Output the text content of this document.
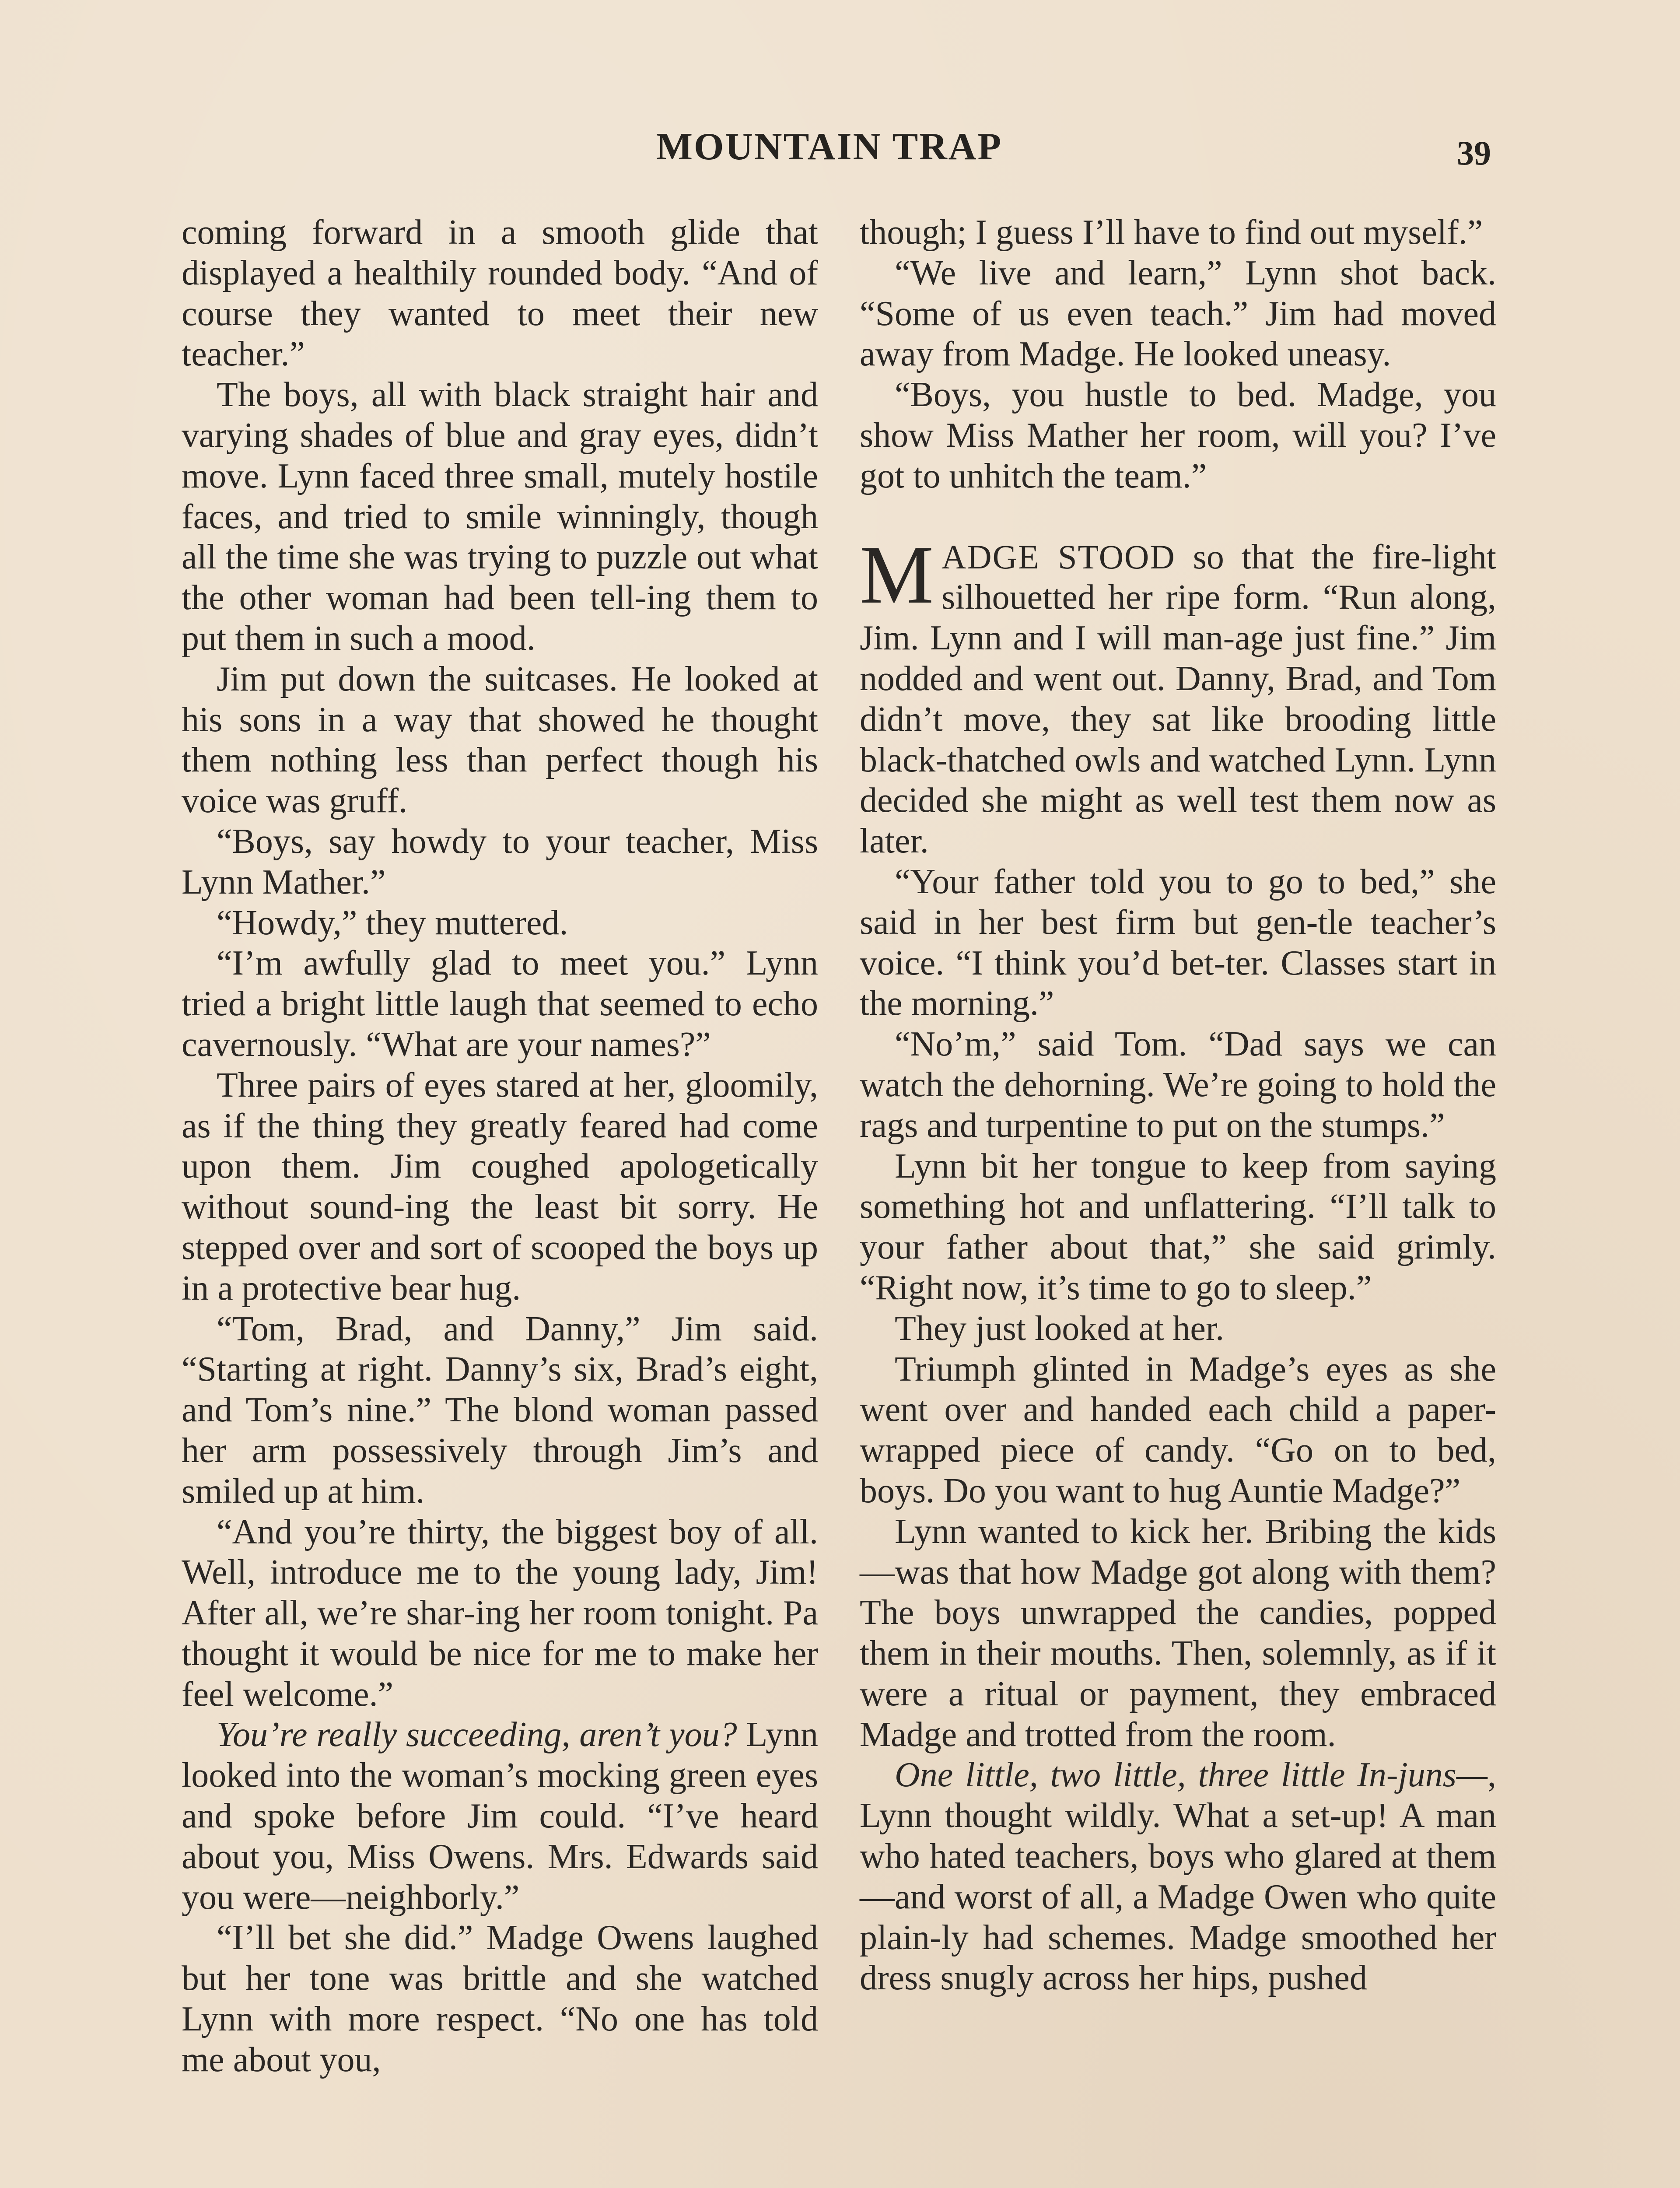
MOUNTAIN TRAP	39

coming forward in a smooth glide that displayed a healthily rounded body. “And of course they wanted to meet their new teacher.”

The boys, all with black straight hair and varying shades of blue and gray eyes, didn’t move. Lynn faced three small, mutely hostile faces, and tried to smile winningly, though all the time she was trying to puzzle out what the other woman had been tell-ing them to put them in such a mood.

Jim put down the suitcases. He looked at his sons in a way that showed he thought them nothing less than perfect though his voice was gruff.

“Boys, say howdy to your teacher, Miss Lynn Mather.”

“Howdy,” they muttered.

“I’m awfully glad to meet you.” Lynn tried a bright little laugh that seemed to echo cavernously. “What are your names?”

Three pairs of eyes stared at her, gloomily, as if the thing they greatly feared had come upon them. Jim coughed apologetically without sound-ing the least bit sorry. He stepped over and sort of scooped the boys up in a protective bear hug.

“Tom, Brad, and Danny,” Jim said. “Starting at right. Danny’s six, Brad’s eight, and Tom’s nine.” The blond woman passed her arm possessively through Jim’s and smiled up at him.

“And you’re thirty, the biggest boy of all. Well, introduce me to the young lady, Jim! After all, we’re shar-ing her room tonight. Pa thought it would be nice for me to make her feel welcome.”

You’re really succeeding, aren’t you? Lynn looked into the woman’s mocking green eyes and spoke before Jim could. “I’ve heard about you, Miss Owens. Mrs. Edwards said you were—neighborly.”

“I’ll bet she did.” Madge Owens laughed but her tone was brittle and she watched Lynn with more respect. “No one has told me about you,

though; I guess I’ll have to find out myself.”

“We live and learn,” Lynn shot back. “Some of us even teach.” Jim had moved away from Madge. He looked uneasy.

“Boys, you hustle to bed. Madge, you show Miss Mather her room, will you? I’ve got to unhitch the team.”

MADGE STOOD so that the fire-light silhouetted her ripe form. “Run along, Jim. Lynn and I will man-age just fine.” Jim nodded and went out. Danny, Brad, and Tom didn’t move, they sat like brooding little black-thatched owls and watched Lynn. Lynn decided she might as well test them now as later.

“Your father told you to go to bed,” she said in her best firm but gen-tle teacher’s voice. “I think you’d bet-ter. Classes start in the morning.”

“No’m,” said Tom. “Dad says we can watch the dehorning. We’re going to hold the rags and turpentine to put on the stumps.”

Lynn bit her tongue to keep from saying something hot and unflattering. “I’ll talk to your father about that,” she said grimly. “Right now, it’s time to go to sleep.”

They just looked at her.

Triumph glinted in Madge’s eyes as she went over and handed each child a paper-wrapped piece of candy. “Go on to bed, boys. Do you want to hug Auntie Madge?”

Lynn wanted to kick her. Bribing the kids—was that how Madge got along with them? The boys unwrapped the candies, popped them in their mouths. Then, solemnly, as if it were a ritual or payment, they embraced Madge and trotted from the room.

One little, two little, three little In-juns—, Lynn thought wildly. What a set-up! A man who hated teachers, boys who glared at them—and worst of all, a Madge Owen who quite plain-ly had schemes. Madge smoothed her dress snugly across her hips, pushed
